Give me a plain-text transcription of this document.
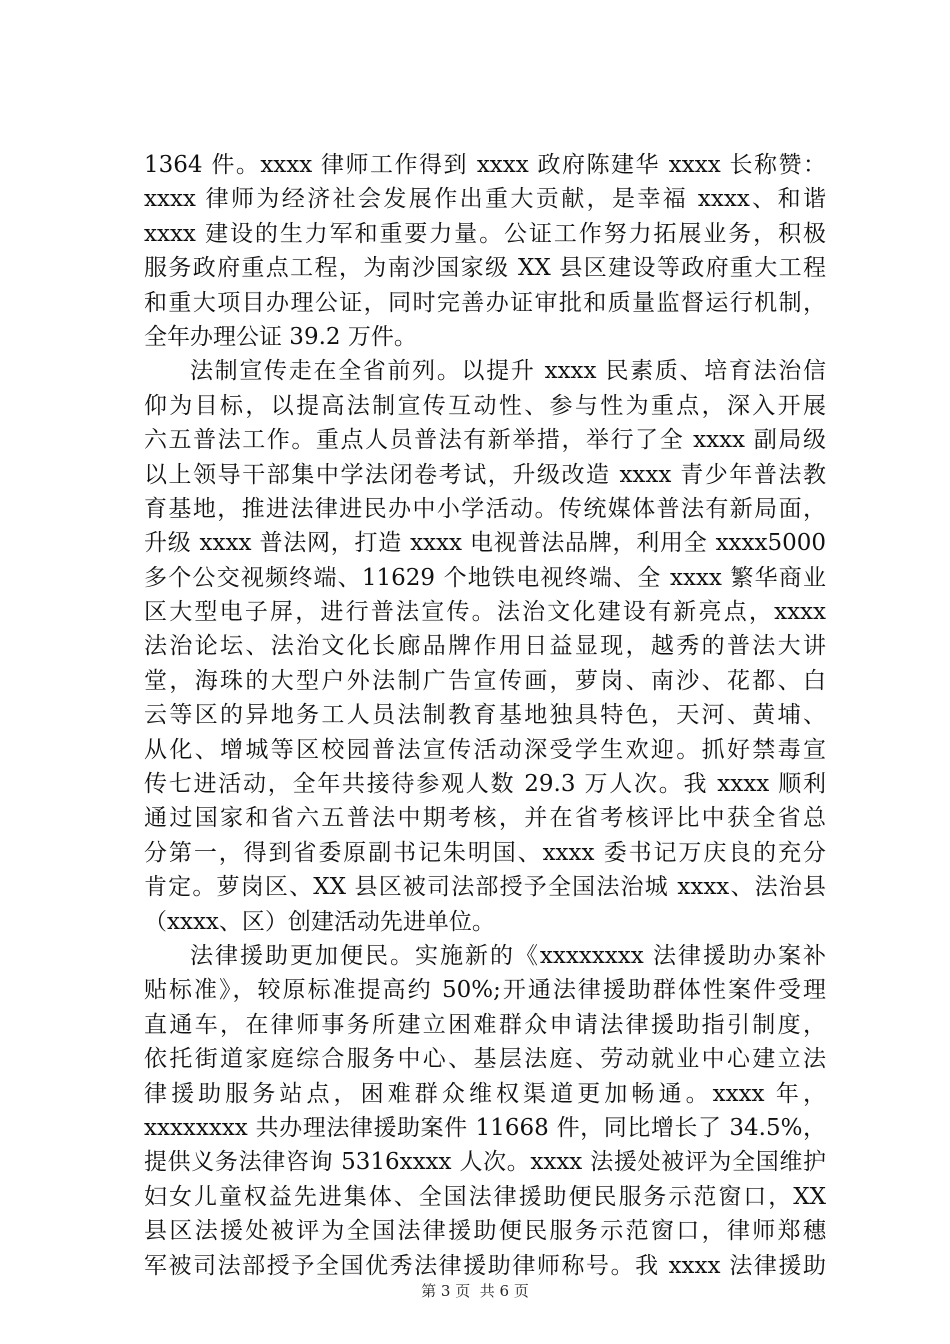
1364 件。xxxx 律师工作得到 xxxx 政府陈建华 xxxx 长称赞：
xxxx 律师为经济社会发展作出重大贡献，是幸福 xxxx、和谐
xxxx 建设的生力军和重要力量。公证工作努力拓展业务，积极
服务政府重点工程，为南沙国家级 XX 县区建设等政府重大工程
和重大项目办理公证，同时完善办证审批和质量监督运行机制，
全年办理公证 39.2 万件。
法制宣传走在全省前列。以提升 xxxx 民素质、培育法治信
仰为目标，以提高法制宣传互动性、参与性为重点，深入开展
六五普法工作。重点人员普法有新举措，举行了全 xxxx 副局级
以上领导干部集中学法闭卷考试，升级改造 xxxx 青少年普法教
育基地，推进法律进民办中小学活动。传统媒体普法有新局面，
升级 xxxx 普法网，打造 xxxx 电视普法品牌，利用全 xxxx5000
多个公交视频终端、11629 个地铁电视终端、全 xxxx 繁华商业
区大型电子屏，进行普法宣传。法治文化建设有新亮点，xxxx
法治论坛、法治文化长廊品牌作用日益显现，越秀的普法大讲
堂，海珠的大型户外法制广告宣传画，萝岗、南沙、花都、白
云等区的异地务工人员法制教育基地独具特色，天河、黄埔、
从化、增城等区校园普法宣传活动深受学生欢迎。抓好禁毒宣
传七进活动，全年共接待参观人数 29.3 万人次。我 xxxx 顺利
通过国家和省六五普法中期考核，并在省考核评比中获全省总
分第一，得到省委原副书记朱明国、xxxx 委书记万庆良的充分
肯定。萝岗区、XX 县区被司法部授予全国法治城 xxxx、法治县
（xxxx、区）创建活动先进单位。
法律援助更加便民。实施新的《xxxxxxxx 法律援助办案补
贴标准》，较原标准提高约 50%;开通法律援助群体性案件受理
直通车，在律师事务所建立困难群众申请法律援助指引制度，
依托街道家庭综合服务中心、基层法庭、劳动就业中心建立法
律援助服务站点，困难群众维权渠道更加畅通。xxxx 年，
xxxxxxxx 共办理法律援助案件 11668 件，同比增长了 34.5%，
提供义务法律咨询 5316xxxx 人次。xxxx 法援处被评为全国维护
妇女儿童权益先进集体、全国法律援助便民服务示范窗口，XX
县区法援处被评为全国法律援助便民服务示范窗口，律师郑穗
军被司法部授予全国优秀法律援助律师称号。我 xxxx 法律援助
第 3 页  共 6 页
